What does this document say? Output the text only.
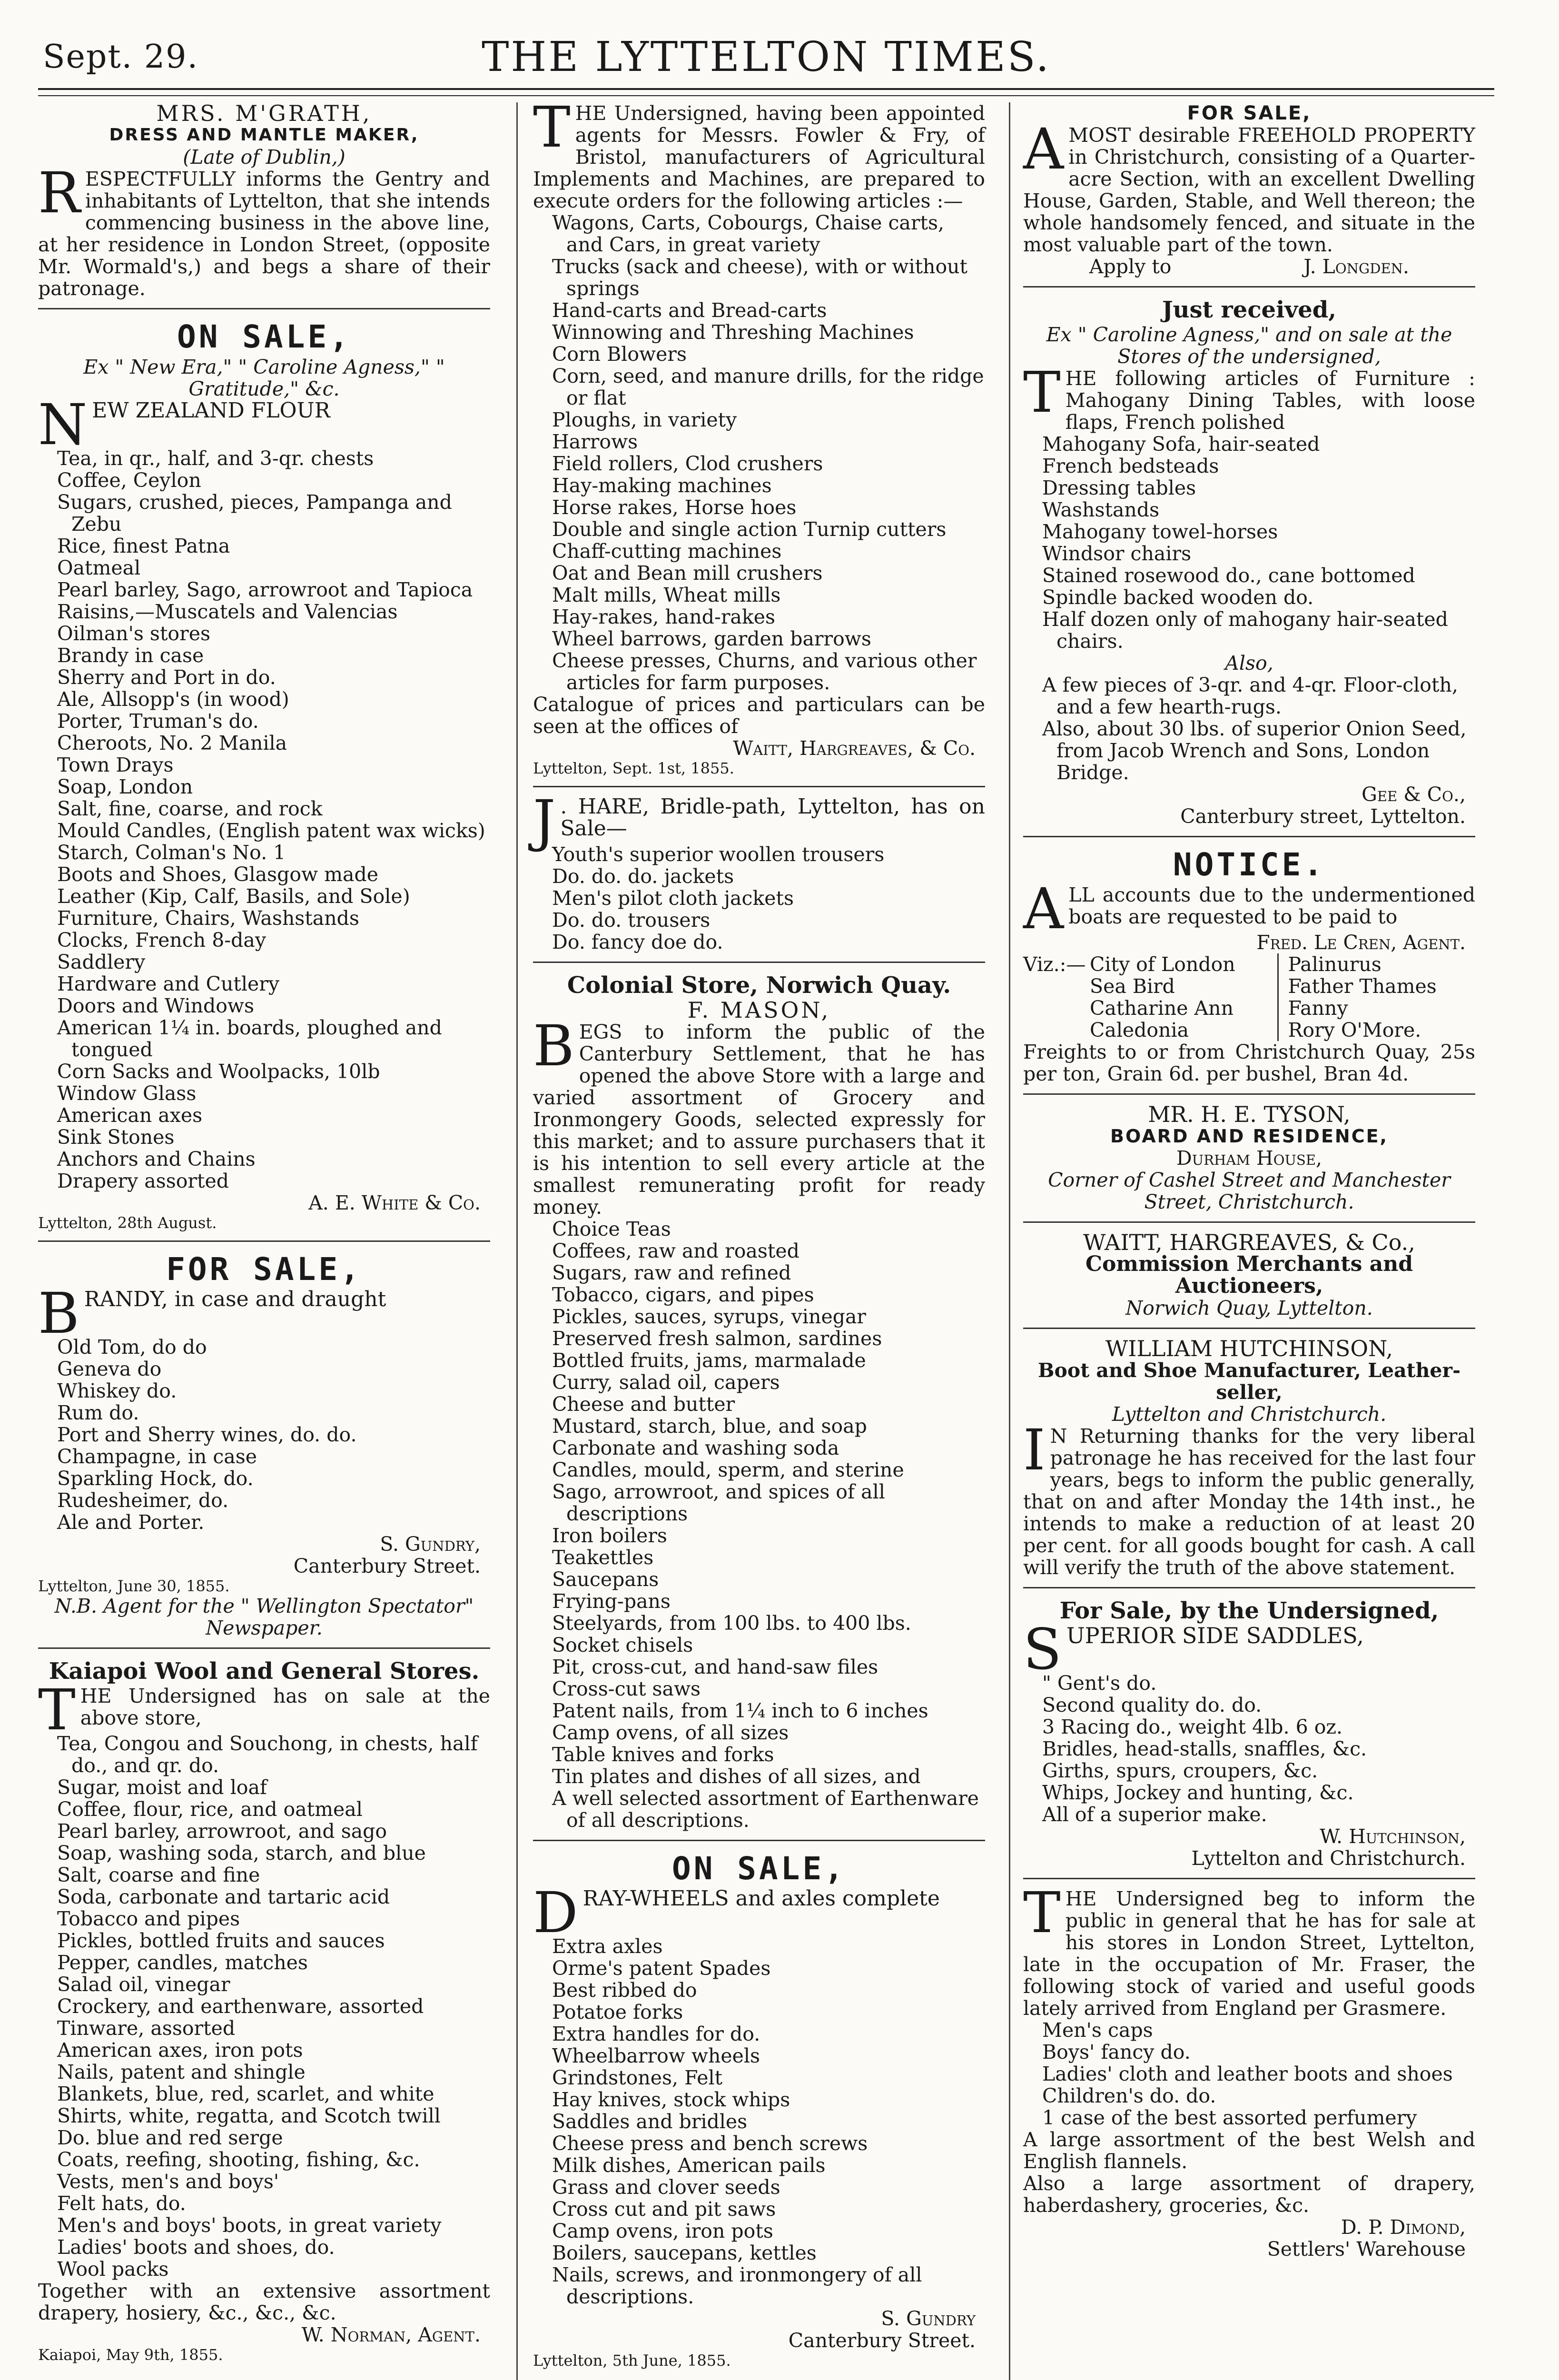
Sept. 29.	THE LYTTELTON TIMES.
MRS. M'GRATH,
DRESS AND MANTLE MAKER,
(Late of Dublin,)

RESPECTFULLY informs the Gentry and inhabitants of Lyttelton, that she intends commencing business in the above line, at her residence in London Street, (opposite Mr. Wormald's,) and begs a share of their patronage.

ON SALE,
Ex " New Era," " Caroline Agness," " Gratitude," &c.

NEW ZEALAND FLOUR

Tea, in qr., half, and 3-qr. chests
Coffee, Ceylon
Sugars, crushed, pieces, Pampanga and Zebu
Rice, finest Patna
Oatmeal
Pearl barley, Sago, arrowroot and Tapioca
Raisins,—Muscatels and Valencias
Oilman's stores
Brandy in case
Sherry and Port in do.
Ale, Allsopp's (in wood)
Porter, Truman's do.
Cheroots, No. 2 Manila
Town Drays
Soap, London
Salt, fine, coarse, and rock
Mould Candles, (English patent wax wicks)
Starch, Colman's No. 1
Boots and Shoes, Glasgow made
Leather (Kip, Calf, Basils, and Sole)
Furniture, Chairs, Washstands
Clocks, French 8-day
Saddlery
Hardware and Cutlery
Doors and Windows
American 1¼ in. boards, ploughed and tongued
Corn Sacks and Woolpacks, 10lb
Window Glass
American axes
Sink Stones
Anchors and Chains
Drapery assorted
A. E. White & Co.
Lyttelton, 28th August.
FOR SALE,

BRANDY, in case and draught

Old Tom, do do
Geneva do
Whiskey do.
Rum do.
Port and Sherry wines, do. do.
Champagne, in case
Sparkling Hock, do.
Rudesheimer, do.
Ale and Porter.
S. Gundry,
Canterbury Street.
Lyttelton, June 30, 1855.
N.B. Agent for the " Wellington Spectator" Newspaper.
Kaiapoi Wool and General Stores.

THE Undersigned has on sale at the above store,

Tea, Congou and Souchong, in chests, half do., and qr. do.
Sugar, moist and loaf
Coffee, flour, rice, and oatmeal
Pearl barley, arrowroot, and sago
Soap, washing soda, starch, and blue
Salt, coarse and fine
Soda, carbonate and tartaric acid
Tobacco and pipes
Pickles, bottled fruits and sauces
Pepper, candles, matches
Salad oil, vinegar
Crockery, and earthenware, assorted
Tinware, assorted
American axes, iron pots
Nails, patent and shingle
Blankets, blue, red, scarlet, and white
Shirts, white, regatta, and Scotch twill
Do. blue and red serge
Coats, reefing, shooting, fishing, &c.
Vests, men's and boys'
Felt hats, do.
Men's and boys' boots, in great variety
Ladies' boots and shoes, do.
Wool packs

Together with an extensive assortment drapery, hosiery, &c., &c., &c.

W. Norman, Agent.
Kaiapoi, May 9th, 1855.

THE Undersigned, having been appointed agents for Messrs. Fowler & Fry, of Bristol, manufacturers of Agricultural Implements and Machines, are prepared to execute orders for the following articles :—

Wagons, Carts, Cobourgs, Chaise carts, and Cars, in great variety
Trucks (sack and cheese), with or without springs
Hand-carts and Bread-carts
Winnowing and Threshing Machines
Corn Blowers
Corn, seed, and manure drills, for the ridge or flat
Ploughs, in variety
Harrows
Field rollers, Clod crushers
Hay-making machines
Horse rakes, Horse hoes
Double and single action Turnip cutters
Chaff-cutting machines
Oat and Bean mill crushers
Malt mills, Wheat mills
Hay-rakes, hand-rakes
Wheel barrows, garden barrows
Cheese presses, Churns, and various other articles for farm purposes.

Catalogue of prices and particulars can be seen at the offices of

Waitt, Hargreaves, & Co.
Lyttelton, Sept. 1st, 1855.

J . HARE, Bridle-path, Lyttelton, has on Sale—

Youth's superior woollen trousers
Do. do. do. jackets
Men's pilot cloth jackets
Do. do. trousers
Do. fancy doe do.
Colonial Store, Norwich Quay.
F. MASON,

BEGS to inform the public of the Canterbury Settlement, that he has opened the above Store with a large and varied assortment of Grocery and Ironmongery Goods, selected expressly for this market; and to assure purchasers that it is his intention to sell every article at the smallest remunerating profit for ready money.

Choice Teas
Coffees, raw and roasted
Sugars, raw and refined
Tobacco, cigars, and pipes
Pickles, sauces, syrups, vinegar
Preserved fresh salmon, sardines
Bottled fruits, jams, marmalade
Curry, salad oil, capers
Cheese and butter
Mustard, starch, blue, and soap
Carbonate and washing soda
Candles, mould, sperm, and sterine
Sago, arrowroot, and spices of all descriptions
Iron boilers
Teakettles
Saucepans
Frying-pans
Steelyards, from 100 lbs. to 400 lbs.
Socket chisels
Pit, cross-cut, and hand-saw files
Cross-cut saws
Patent nails, from 1¼ inch to 6 inches
Camp ovens, of all sizes
Table knives and forks
Tin plates and dishes of all sizes, and
A well selected assortment of Earthenware of all descriptions.
ON SALE,

DRAY-WHEELS and axles complete

Extra axles
Orme's patent Spades
Best ribbed do
Potatoe forks
Extra handles for do.
Wheelbarrow wheels
Grindstones, Felt
Hay knives, stock whips
Saddles and bridles
Cheese press and bench screws
Milk dishes, American pails
Grass and clover seeds
Cross cut and pit saws
Camp ovens, iron pots
Boilers, saucepans, kettles
Nails, screws, and ironmongery of all descriptions.
S. Gundry
Canterbury Street.
Lyttelton, 5th June, 1855.
FOR SALE,

A MOST desirable FREEHOLD PROPERTY in Christchurch, consisting of a Quarter-acre Section, with an excellent Dwelling House, Garden, Stable, and Well thereon; the whole handsomely fenced, and situate in the most valuable part of the town.

Apply to	J. Longden.
Just received,
Ex " Caroline Agness," and on sale at the Stores of the undersigned,

THE following articles of Furniture : Mahogany Dining Tables, with loose flaps, French polished

Mahogany Sofa, hair-seated
French bedsteads
Dressing tables
Washstands
Mahogany towel-horses
Windsor chairs
Stained rosewood do., cane bottomed
Spindle backed wooden do.
Half dozen only of mahogany hair-seated chairs.
Also,
A few pieces of 3-qr. and 4-qr. Floor-cloth, and a few hearth-rugs.
Also, about 30 lbs. of superior Onion Seed, from Jacob Wrench and Sons, London Bridge.
Gee & Co.,
Canterbury street, Lyttelton.
NOTICE.

ALL accounts due to the undermentioned boats are requested to be paid to

Fred. Le Cren, Agent.
Viz.:— City of London
Sea Bird
Catharine Ann
Caledonia
Palinurus
Father Thames
Fanny
Rory O'More.

Freights to or from Christchurch Quay, 25s per ton, Grain 6d. per bushel, Bran 4d.

MR. H. E. TYSON,
BOARD AND RESIDENCE,
Durham House,
Corner of Cashel Street and Manchester Street, Christchurch.
WAITT, HARGREAVES, & Co.,
Commission Merchants and Auctioneers,
Norwich Quay, Lyttelton.
WILLIAM HUTCHINSON,
Boot and Shoe Manufacturer, Leather-seller,
Lyttelton and Christchurch.

I N Returning thanks for the very liberal patronage he has received for the last four years, begs to inform the public generally, that on and after Monday the 14th inst., he intends to make a reduction of at least 20 per cent. for all goods bought for cash. A call will verify the truth of the above statement.

For Sale, by the Undersigned,

SUPERIOR SIDE SADDLES,

" Gent's do.
Second quality do. do.
3 Racing do., weight 4lb. 6 oz.
Bridles, head-stalls, snaffles, &c.
Girths, spurs, croupers, &c.
Whips, Jockey and hunting, &c.
All of a superior make.
W. Hutchinson,
Lyttelton and Christchurch.

THE Undersigned beg to inform the public in general that he has for sale at his stores in London Street, Lyttelton, late in the occupation of Mr. Fraser, the following stock of varied and useful goods lately arrived from England per Grasmere.

Men's caps
Boys' fancy do.
Ladies' cloth and leather boots and shoes
Children's do. do.
1 case of the best assorted perfumery

A large assortment of the best Welsh and English flannels.

Also a large assortment of drapery, haberdashery, groceries, &c.

D. P. Dimond,
Settlers' Warehouse
